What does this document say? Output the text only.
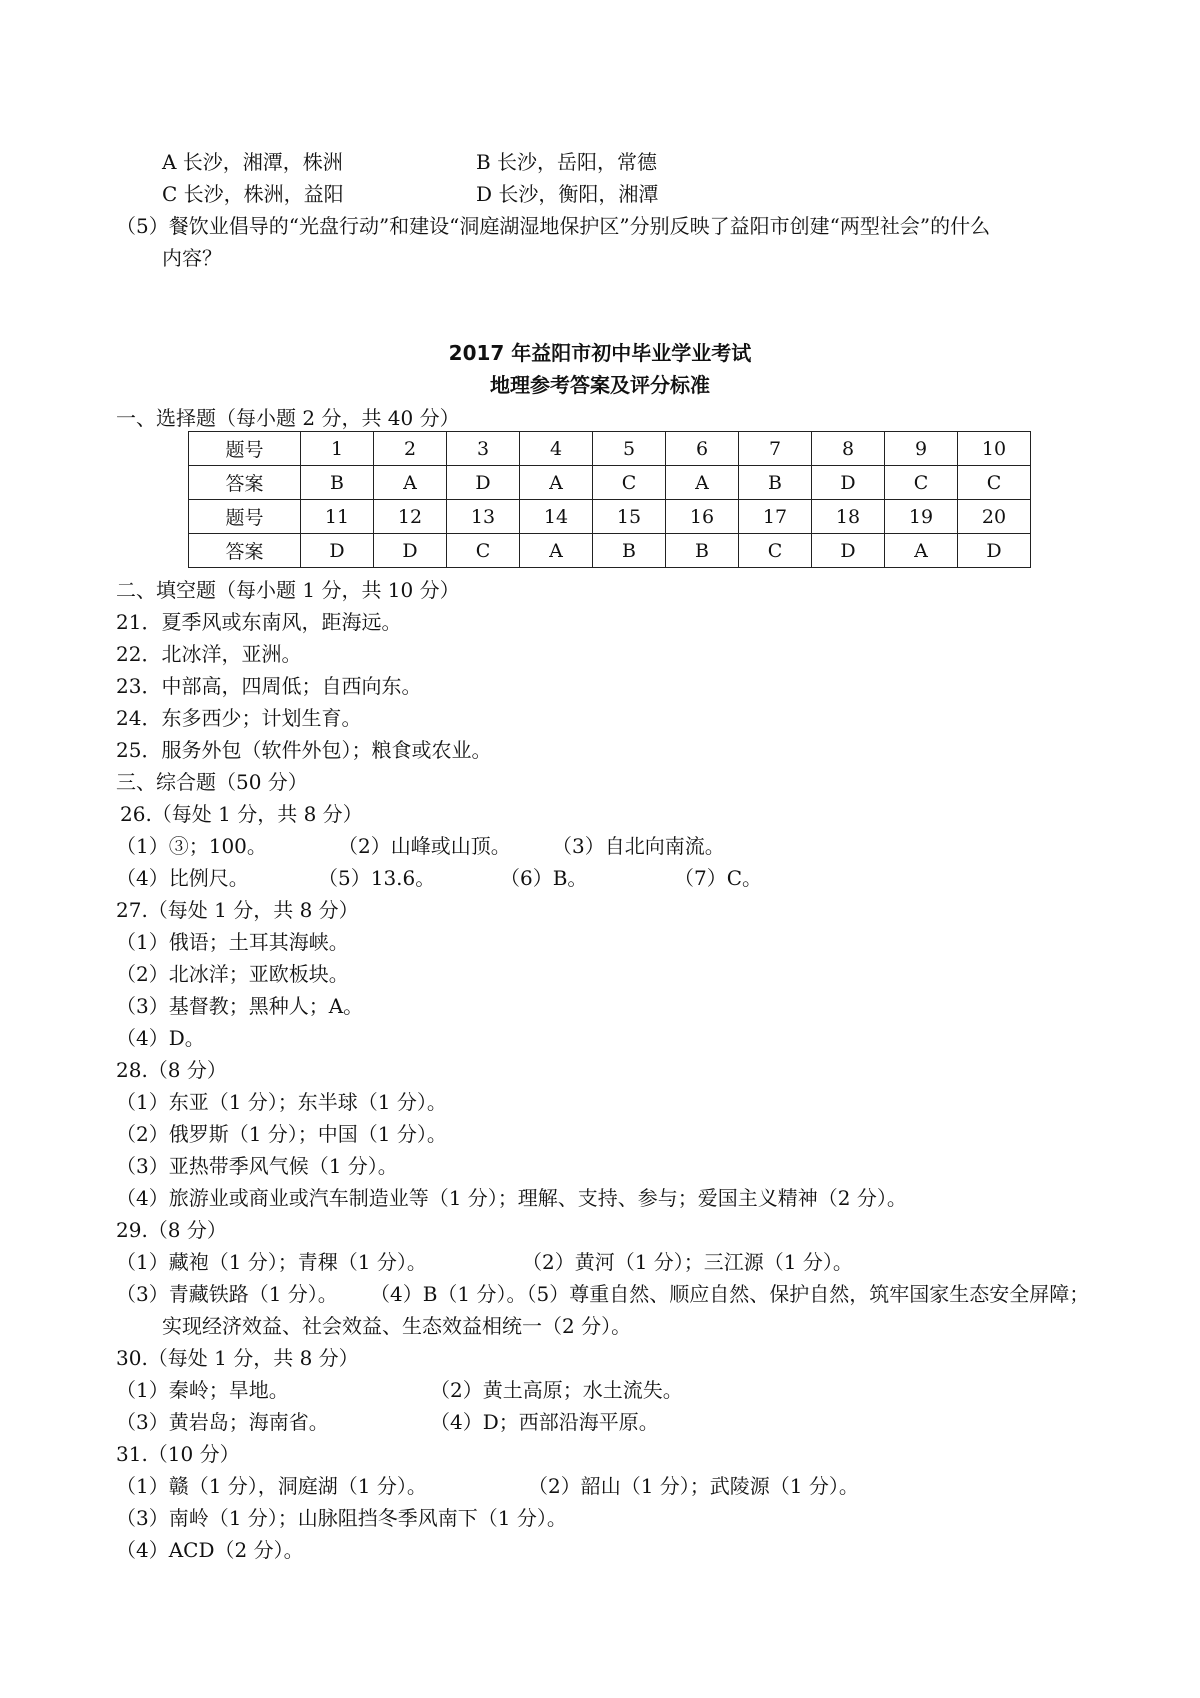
A 长沙，湘潭，株洲	B 长沙，岳阳，常德
C 长沙，株洲，益阳	D 长沙，衡阳，湘潭
（5）餐饮业倡导的“光盘行动”和建设“洞庭湖湿地保护区”分别反映了益阳市创建“两型社会”的什么
内容？
2017 年益阳市初中毕业学业考试
地理参考答案及评分标准
一、选择题（每小题 2 分，共 40 分）
题号	1	2	3	4	5	6	7	8	9	10
答案	B	A	D	A	C	A	B	D	C	C
题号	11	12	13	14	15	16	17	18	19	20
答案	D	D	C	A	B	B	C	D	A	D
二、填空题（每小题 1 分，共 10 分）
21．夏季风或东南风，距海远。
22．北冰洋，亚洲。
23．中部高，四周低；自西向东。
24．东多西少；计划生育。
25．服务外包（软件外包）；粮食或农业。
三、综合题（50 分）
26.（每处 1 分，共 8 分）
（1）③；100。	（2）山峰或山顶。 （3）自北向南流。
（4）比例尺。	（5）13.6。	（6）B。	（7）C。
27.（每处 1 分，共 8 分）
（1）俄语；土耳其海峡。
（2）北冰洋；亚欧板块。
（3）基督教；黑种人；A。
（4）D。
28.（8 分）
（1）东亚（1 分）；东半球（1 分）。
（2）俄罗斯（1 分）；中国（1 分）。
（3）亚热带季风气候（1 分）。
（4）旅游业或商业或汽车制造业等（1 分）；理解、支持、参与；爱国主义精神（2 分）。
29.（8 分）
（1）藏袍（1 分）；青稞（1 分）。	（2）黄河（1 分）；三江源（1 分）。
（3）青藏铁路（1 分）。 （4）B（1 分）。（5）尊重自然、顺应自然、保护自然，筑牢国家生态安全屏障；
实现经济效益、社会效益、生态效益相统一（2 分）。
30.（每处 1 分，共 8 分）
（1）秦岭；旱地。	（2）黄土高原；水土流失。
（3）黄岩岛；海南省。	（4）D；西部沿海平原。
31.（10 分）
（1）赣（1 分），洞庭湖（1 分）。	（2）韶山（1 分）；武陵源（1 分）。
（3）南岭（1 分）；山脉阻挡冬季风南下（1 分）。
（4）ACD（2 分）。
